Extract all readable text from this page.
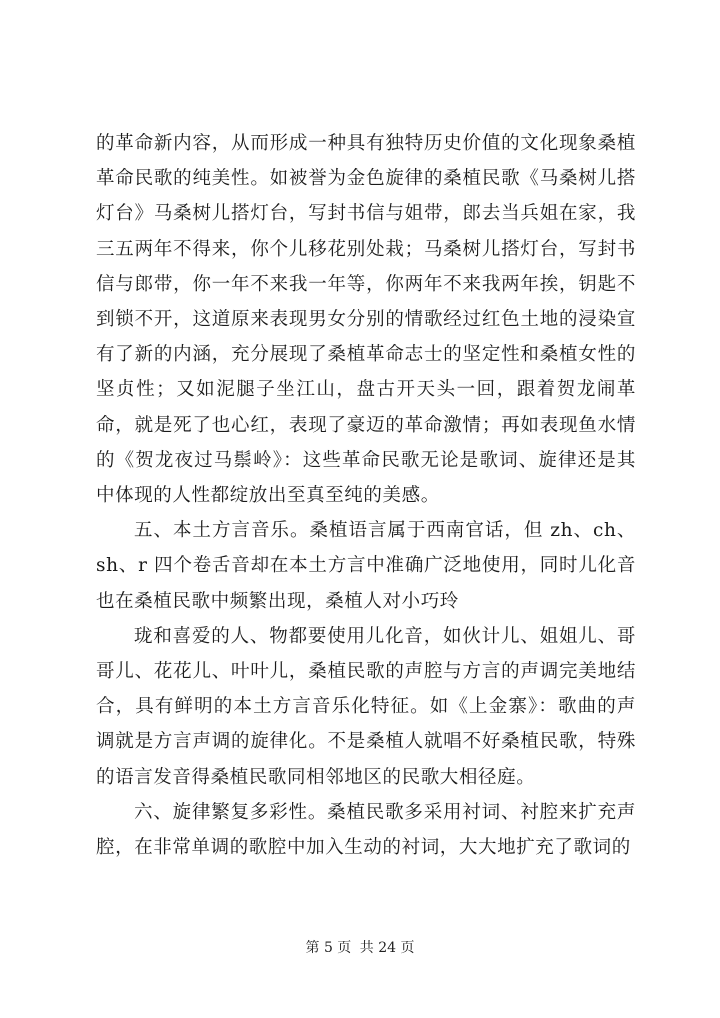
的革命新内容，从而形成一种具有独特历史价值的文化现象桑植革命民歌的纯美性。如被誉为金色旋律的桑植民歌《马桑树儿搭灯台》马桑树儿搭灯台，写封书信与姐带，郎去当兵姐在家，我三五两年不得来，你个儿移花别处栽；马桑树儿搭灯台，写封书信与郎带，你一年不来我一年等，你两年不来我两年挨，钥匙不到锁不开，这道原来表现男女分别的情歌经过红色土地的浸染宣有了新的内涵，充分展现了桑植革命志士的坚定性和桑植女性的坚贞性；又如泥腿子坐江山，盘古开天头一回，跟着贺龙闹革命，就是死了也心红，表现了豪迈的革命激情；再如表现鱼水情的《贺龙夜过马鬃岭》：这些革命民歌无论是歌词、旋律还是其中体现的人性都绽放出至真至纯的美感。

五、本土方言音乐。桑植语言属于西南官话，但 zh、ch、sh、r 四个卷舌音却在本土方言中准确广泛地使用，同时儿化音也在桑植民歌中频繁出现，桑植人对小巧玲

珑和喜爱的人、物都要使用儿化音，如伙计儿、姐姐儿、哥哥儿、花花儿、叶叶儿，桑植民歌的声腔与方言的声调完美地结合，具有鲜明的本土方言音乐化特征。如《上金寨》：歌曲的声调就是方言声调的旋律化。不是桑植人就唱不好桑植民歌，特殊的语言发音得桑植民歌同相邻地区的民歌大相径庭。

六、旋律繁复多彩性。桑植民歌多采用衬词、衬腔来扩充声腔，在非常单调的歌腔中加入生动的衬词，大大地扩充了歌词的

第 5 页 共 24 页
